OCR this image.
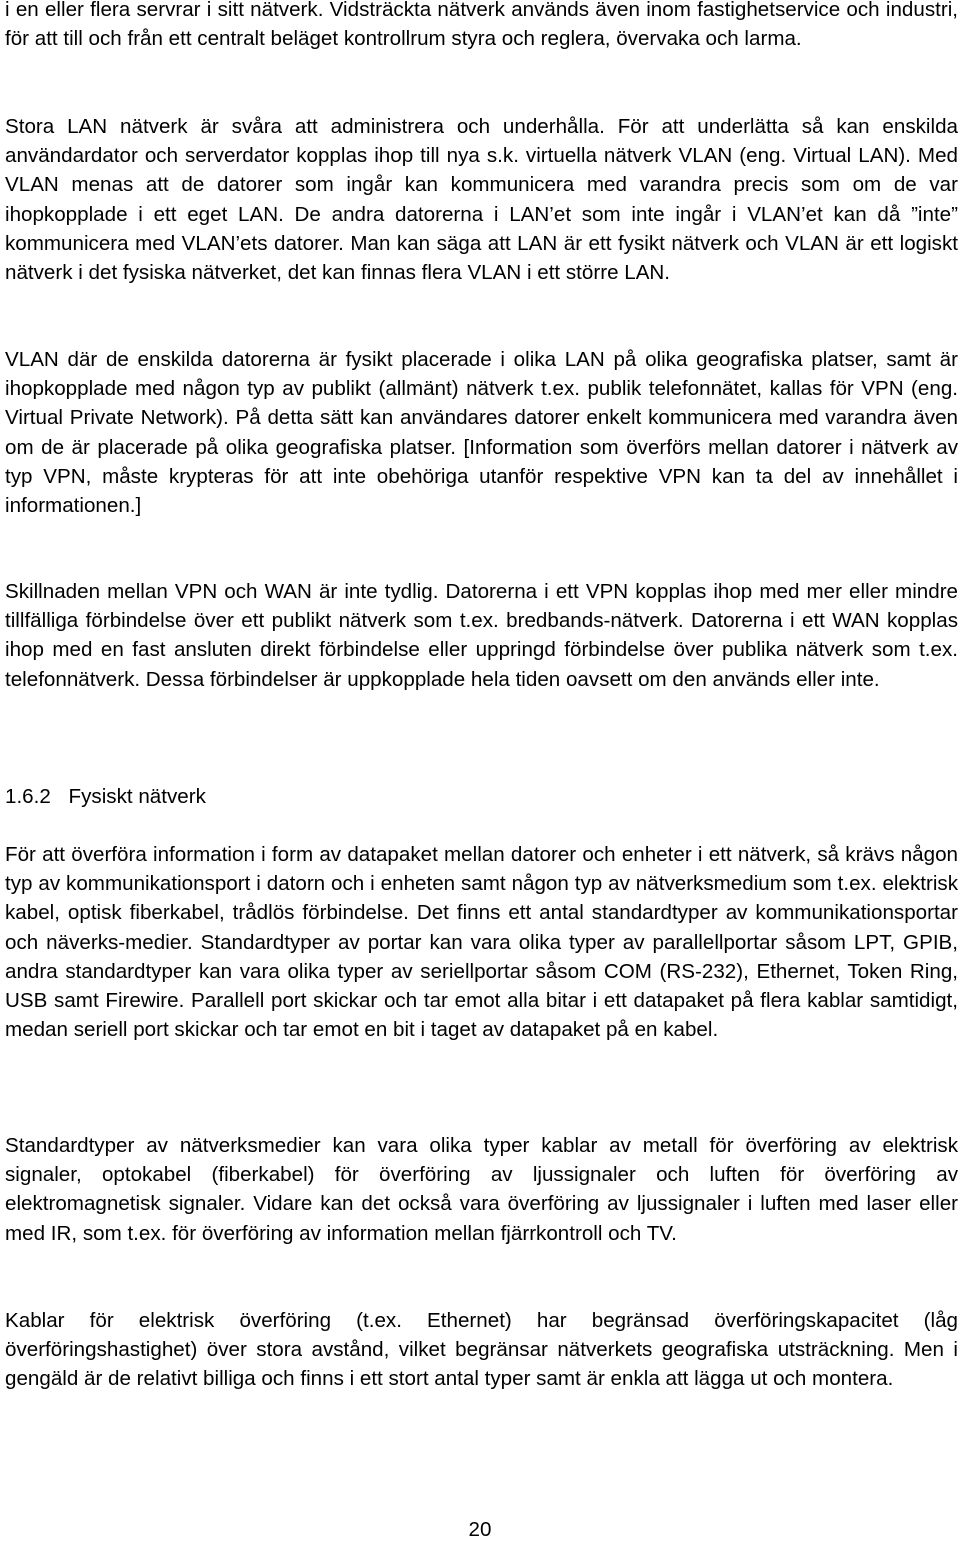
i en eller flera servrar i sitt nätverk. Vidsträckta nätverk används även inom fastighetservice och industri, för att till och från ett centralt beläget kontrollrum styra och reglera, övervaka och larma.

Stora LAN nätverk är svåra att administrera och underhålla. För att underlätta så kan enskilda användardator och serverdator kopplas ihop till nya s.k. virtuella nätverk VLAN (eng. Virtual LAN). Med VLAN menas att de datorer som ingår kan kommunicera med varandra precis som om de var ihopkopplade i ett eget LAN. De andra datorerna i LAN’et som inte ingår i VLAN’et kan då ”inte” kommunicera med VLAN’ets datorer. Man kan säga att LAN är ett fysikt nätverk och VLAN är ett logiskt nätverk i det fysiska nätverket, det kan finnas flera VLAN i ett större LAN.

VLAN där de enskilda datorerna är fysikt placerade i olika LAN på olika geografiska platser, samt är ihopkopplade med någon typ av publikt (allmänt) nätverk t.ex. publik telefonnätet, kallas för VPN (eng. Virtual Private Network). På detta sätt kan användares datorer enkelt kommunicera med varandra även om de är placerade på olika geografiska platser. [Information som överförs mellan datorer i nätverk av typ VPN, måste krypteras för att inte obehöriga utanför respektive VPN kan ta del av innehållet i informationen.]

Skillnaden mellan VPN och WAN är inte tydlig. Datorerna i ett VPN kopplas ihop med mer eller mindre tillfälliga förbindelse över ett publikt nätverk som t.ex. bredbands-nätverk. Datorerna i ett WAN kopplas ihop med en fast ansluten direkt förbindelse eller uppringd förbindelse över publika nätverk som t.ex. telefonnätverk. Dessa förbindelser är uppkopplade hela tiden oavsett om den används eller inte.

1.6.2 Fysiskt nätverk

För att överföra information i form av datapaket mellan datorer och enheter i ett nätverk, så krävs någon typ av kommunikationsport i datorn och i enheten samt någon typ av nätverksmedium som t.ex. elektrisk kabel, optisk fiberkabel, trådlös förbindelse. Det finns ett antal standardtyper av kommunikationsportar och näverks-medier. Standardtyper av portar kan vara olika typer av parallellportar såsom LPT, GPIB, andra standardtyper kan vara olika typer av seriellportar såsom COM (RS-232), Ethernet, Token Ring, USB samt Firewire. Parallell port skickar och tar emot alla bitar i ett datapaket på flera kablar samtidigt, medan seriell port skickar och tar emot en bit i taget av datapaket på en kabel.

Standardtyper av nätverksmedier kan vara olika typer kablar av metall för överföring av elektrisk signaler, optokabel (fiberkabel) för överföring av ljussignaler och luften för överföring av elektromagnetisk signaler. Vidare kan det också vara överföring av ljussignaler i luften med laser eller med IR, som t.ex. för överföring av information mellan fjärrkontroll och TV.

Kablar för elektrisk överföring (t.ex. Ethernet) har begränsad överföringskapacitet (låg överföringshastighet) över stora avstånd, vilket begränsar nätverkets geografiska utsträckning. Men i gengäld är de relativt billiga och finns i ett stort antal typer samt är enkla att lägga ut och montera.

20
